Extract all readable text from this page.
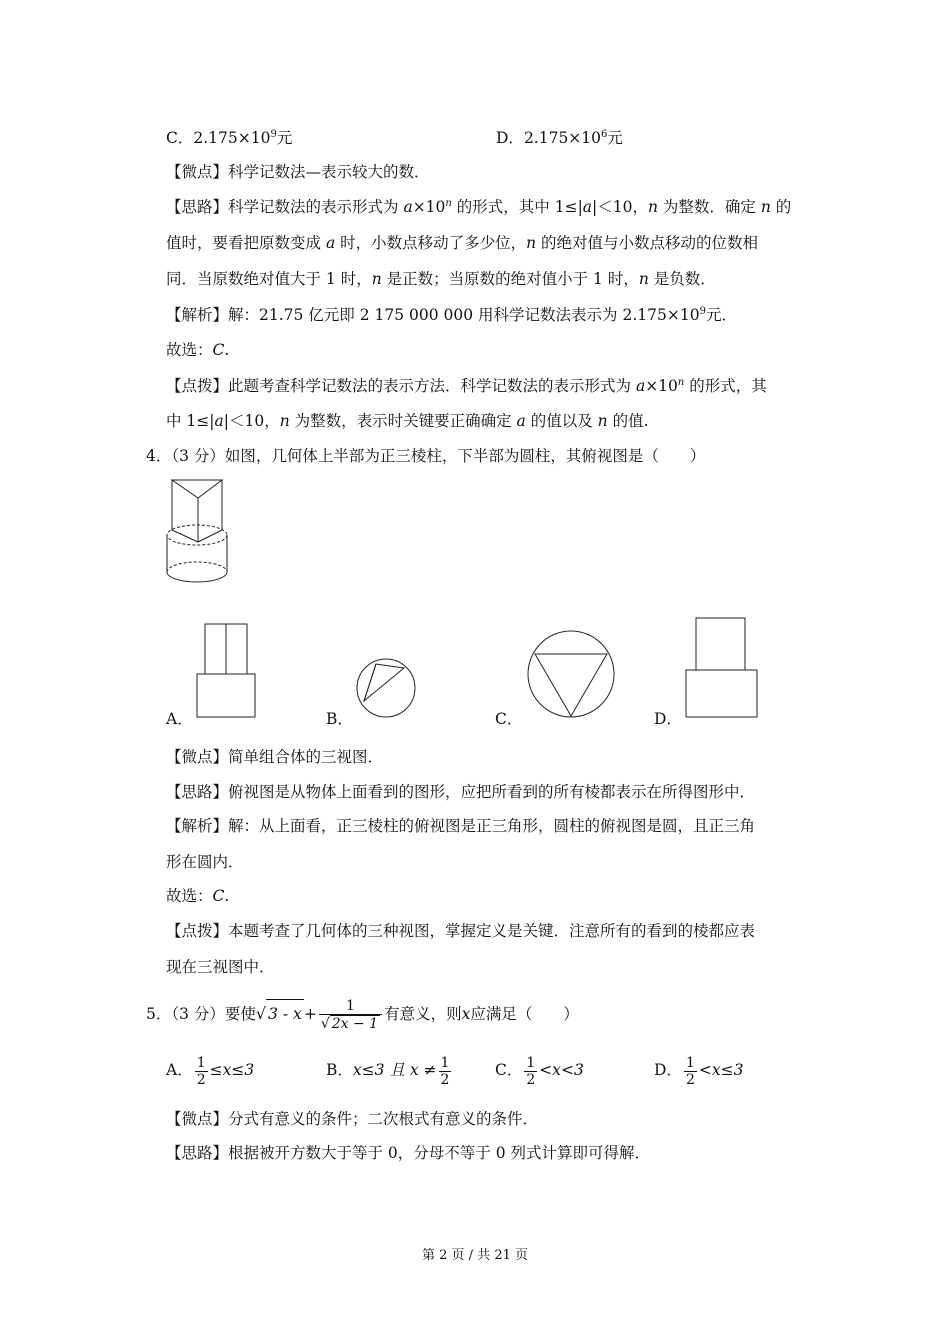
C．$2.175\times 10^9$元	D．$2.175\times 10^6$元
【微点】科学记数法—表示较大的数．
【思路】科学记数法的表示形式为 $a\times 10^n$ 的形式，其中 1≤|a|＜10，n 为整数．确定 n 的
值时，要看把原数变成 a 时，小数点移动了多少位，n 的绝对值与小数点移动的位数相
同．当原数绝对值大于 1 时，n 是正数；当原数的绝对值小于 1 时，n 是负数．
【解析】解：21.75 亿元即 2 175 000 000 用科学记数法表示为 $2.175\times 10^9$元．
故选：C.
【点拨】此题考查科学记数法的表示方法．科学记数法的表示形式为 $a\times 10^n$ 的形式，其
中 1≤|a|＜10，n 为整数，表示时关键要正确确定 a 的值以及 n 的值.
4．（3 分）如图，几何体上半部为正三棱柱，下半部为圆柱，其俯视图是（　　）
A．	B．	C．	D．
【微点】简单组合体的三视图．
【思路】俯视图是从物体上面看到的图形，应把所看到的所有棱都表示在所得图形中．
【解析】解：从上面看，正三棱柱的俯视图是正三角形，圆柱的俯视图是圆，且正三角
形在圆内．
故选：C.
【点拨】本题考查了几何体的三种视图，掌握定义是关键．注意所有的看到的棱都应表
现在三视图中．
5．（3 分）要使√ $3 - x + \frac{1}{√ 2x - 1}$ 有意义，则x应满足（　　）
A． $\frac{1}{2} \le x\le 3$	B．x≤3 且 $x \ne \frac{1}{2}$	C． $\frac{1}{2} <x<3$	D． $\frac{1}{2} <x\le 3$
【微点】分式有意义的条件；二次根式有意义的条件．
【思路】根据被开方数大于等于 0，分母不等于 0 列式计算即可得解．
第 2 页 / 共 21 页
